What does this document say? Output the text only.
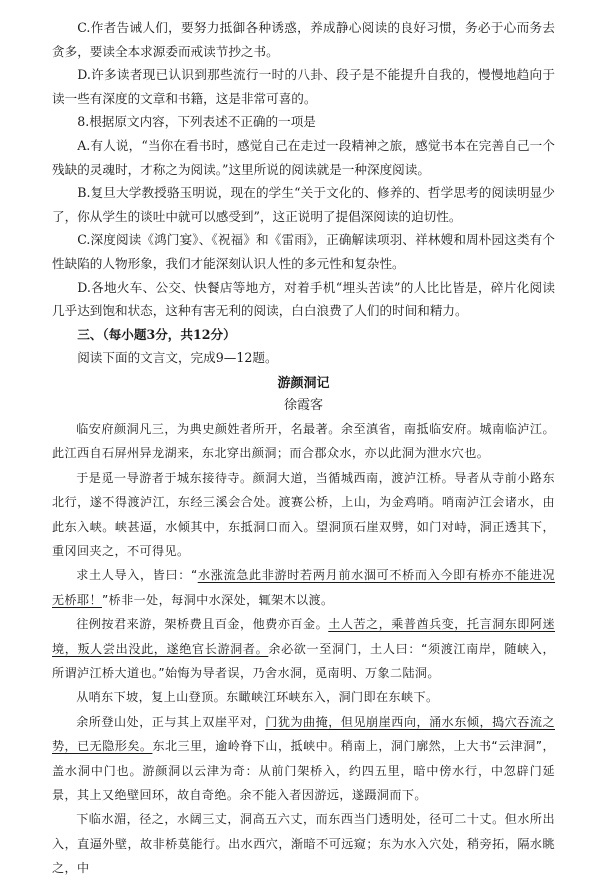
C.作者告诫人们，要努力抵御各种诱惑，养成静心阅读的良好习惯，务必于心而务去贪多，要读全本求源委而戒读节抄之书。

D.许多读者现已认识到那些流行一时的八卦、段子是不能提升自我的，慢慢地趋向于读一些有深度的文章和书籍，这是非常可喜的。

8.根据原文内容，下列表述不正确的一项是

A.有人说，“当你在看书时，感觉自己在走过一段精神之旅，感觉书本在完善自己一个残缺的灵魂时，才称之为阅读。”这里所说的阅读就是一种深度阅读。

B.复旦大学教授骆玉明说，现在的学生“关于文化的、修养的、哲学思考的阅读明显少了，你从学生的谈吐中就可以感受到”，这正说明了提倡深阅读的迫切性。

C.深度阅读《鸿门宴》、《祝福》和《雷雨》，正确解读项羽、祥林嫂和周朴园这类有个性缺陷的人物形象，我们才能深刻认识人性的多元性和复杂性。

D.各地火车、公交、快餐店等地方，对着手机“埋头苦读”的人比比皆是，碎片化阅读几乎达到饱和状态，这种有害无利的阅读，白白浪费了人们的时间和精力。

三、（每小题3分，共12分）

阅读下面的文言文，完成9—12题。

游颜洞记
徐霞客

临安府颜洞凡三，为典史颜姓者所开，名最著。余至滇省，南抵临安府。城南临泸江。此江西自石屏州异龙湖来，东北穿出颜洞；而合郡众水，亦以此洞为泄水穴也。

于是觅一导游者于城东接待寺。颜洞大道，当循城西南，渡泸江桥。导者从寺前小路东北行，遂不得渡泸江，东经三溪会合处。渡赛公桥，上山，为金鸡哨。哨南泸江会诸水，由此东入峡。峡甚逼，水倾其中，东抵洞口而入。望洞顶石崖双劈，如门对峙，洞正透其下，重冈回夹之，不可得见。

求土人导入，皆曰：“水涨流急此非游时若两月前水涸可不桥而入今即有桥亦不能进况无桥耶！”桥非一处，每洞中水深处，辄架木以渡。

往例按君来游，架桥费且百金，他费亦百金。土人苦之，乘普酋兵变，托言洞东即阿迷境，叛人尝出没此，遂绝官长游洞者。余必欲一至洞门，土人曰：“须渡江南岸，随峡入，所谓泸江桥大道也。”始悔为导者误，乃舍水洞，觅南明、万象二陆洞。

从哨东下坡，复上山登顶。东瞰峡江环峡东入，洞门即在东峡下。

余所登山处，正与其上双崖平对，门犹为曲掩，但见崩崖西向，涌水东倾，捣穴吞流之势，已无隐形矣。东北三里，逾岭脊下山，抵峡中。稍南上，洞门廓然，上大书“云津洞”，盖水洞中门也。游颜洞以云津为奇：从前门架桥入，约四五里，暗中傍水行，中忽辟门延景，其上又绝壁回环，故自奇绝。余不能入者因游远，遂蹑洞而下。

下临水湄，径之，水阔三丈，洞高五六丈，而东西当门透明处，径可二十丈。但水所出入，直逼外壁，故非桥莫能行。出水西穴，渐暗不可远窥；东为水入穴处，稍旁拓，隔水眺之，中
